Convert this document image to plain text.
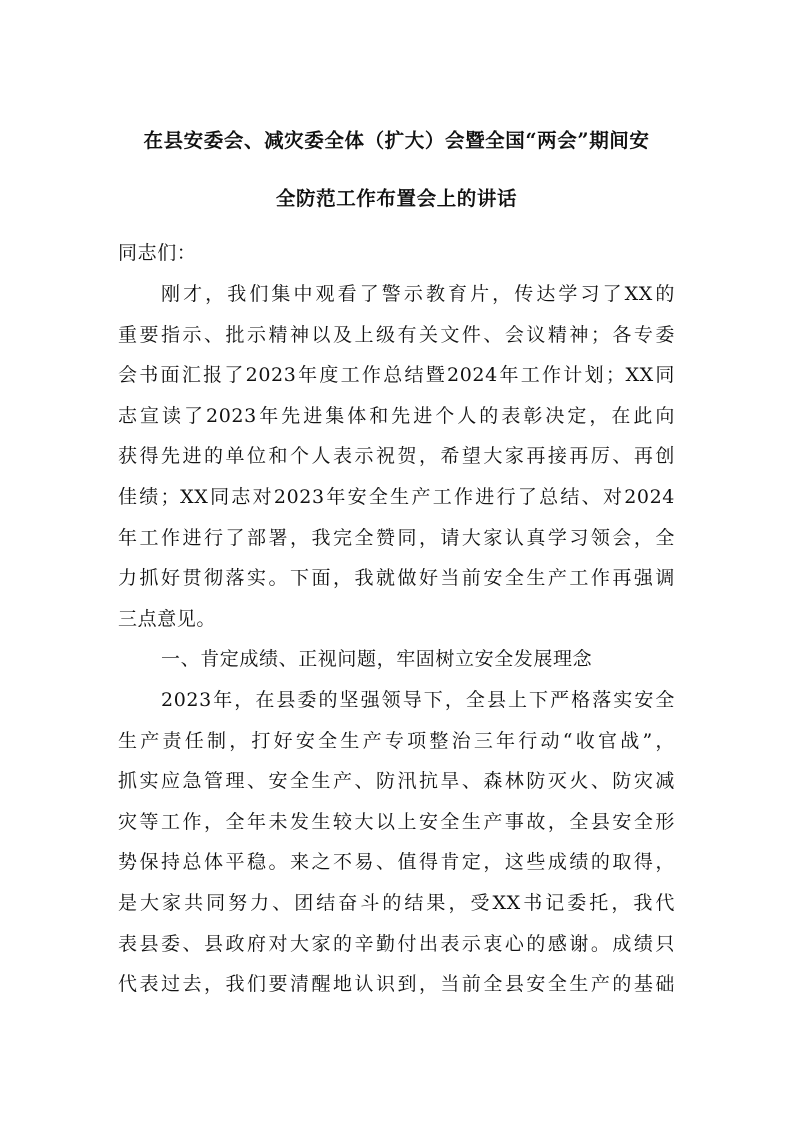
在县安委会、减灾委全体（扩大）会暨全国“两会”期间安
全防范工作布置会上的讲话

同志们：

刚才，我们集中观看了警示教育片，传达学习了XX的
重要指示、批示精神以及上级有关文件、会议精神；各专委
会书面汇报了2023年度工作总结暨2024年工作计划；XX同
志宣读了2023年先进集体和先进个人的表彰决定，在此向
获得先进的单位和个人表示祝贺，希望大家再接再厉、再创
佳绩；XX同志对2023年安全生产工作进行了总结、对2024
年工作进行了部署，我完全赞同，请大家认真学习领会，全
力抓好贯彻落实。下面，我就做好当前安全生产工作再强调
三点意见。

一、肯定成绩、正视问题，牢固树立安全发展理念

2023年，在县委的坚强领导下，全县上下严格落实安全
生产责任制，打好安全生产专项整治三年行动“收官战”，
抓实应急管理、安全生产、防汛抗旱、森林防灭火、防灾减
灾等工作，全年未发生较大以上安全生产事故，全县安全形
势保持总体平稳。来之不易、值得肯定，这些成绩的取得，
是大家共同努力、团结奋斗的结果，受XX书记委托，我代
表县委、县政府对大家的辛勤付出表示衷心的感谢。成绩只
代表过去，我们要清醒地认识到，当前全县安全生产的基础
